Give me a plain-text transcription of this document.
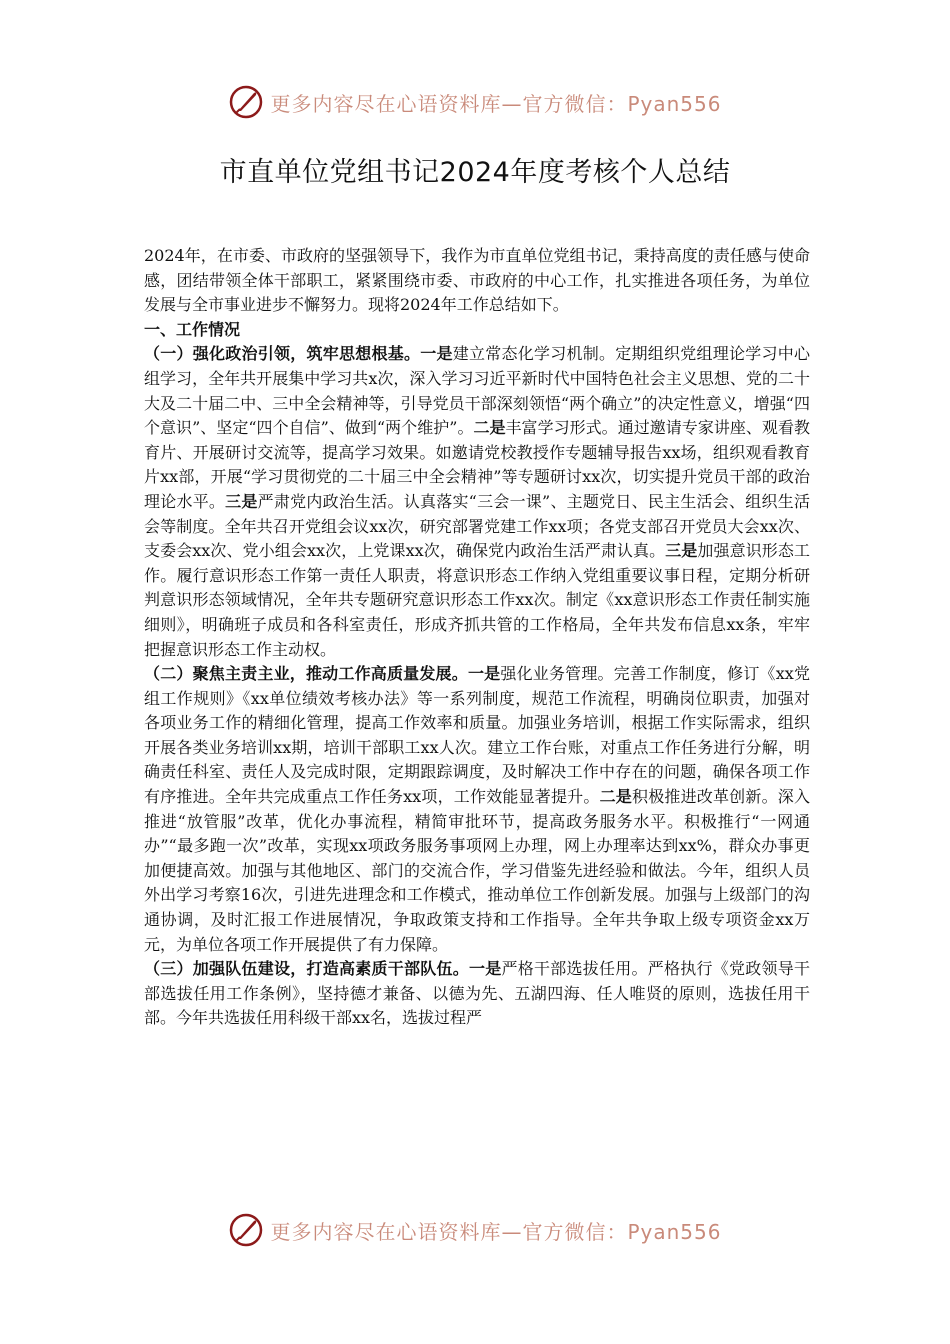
更多内容尽在心语资料库—官方微信：Pyan556
市直单位党组书记2024年度考核个人总结

2024年，在市委、市政府的坚强领导下，我作为市直单位党组书记，秉持高度的责任感与使命感，团结带领全体干部职工，紧紧围绕市委、市政府的中心工作，扎实推进各项任务，为单位发展与全市事业进步不懈努力。现将2024年工作总结如下。

一、工作情况

（一）强化政治引领，筑牢思想根基。一是建立常态化学习机制。定期组织党组理论学习中心组学习，全年共开展集中学习共x次，深入学习习近平新时代中国特色社会主义思想、党的二十大及二十届二中、三中全会精神等，引导党员干部深刻领悟“两个确立”的决定性意义，增强“四个意识”、坚定“四个自信”、做到“两个维护”。二是丰富学习形式。通过邀请专家讲座、观看教育片、开展研讨交流等，提高学习效果。如邀请党校教授作专题辅导报告xx场，组织观看教育片xx部，开展“学习贯彻党的二十届三中全会精神”等专题研讨xx次，切实提升党员干部的政治理论水平。三是严肃党内政治生活。认真落实“三会一课”、主题党日、民主生活会、组织生活会等制度。全年共召开党组会议xx次，研究部署党建工作xx项；各党支部召开党员大会xx次、支委会xx次、党小组会xx次，上党课xx次，确保党内政治生活严肃认真。三是加强意识形态工作。履行意识形态工作第一责任人职责，将意识形态工作纳入党组重要议事日程，定期分析研判意识形态领域情况，全年共专题研究意识形态工作xx次。制定《xx意识形态工作责任制实施细则》，明确班子成员和各科室责任，形成齐抓共管的工作格局，全年共发布信息xx条，牢牢把握意识形态工作主动权。

（二）聚焦主责主业，推动工作高质量发展。一是强化业务管理。完善工作制度，修订《xx党组工作规则》《xx单位绩效考核办法》等一系列制度，规范工作流程，明确岗位职责，加强对各项业务工作的精细化管理，提高工作效率和质量。加强业务培训，根据工作实际需求，组织开展各类业务培训xx期，培训干部职工xx人次。建立工作台账，对重点工作任务进行分解，明确责任科室、责任人及完成时限，定期跟踪调度，及时解决工作中存在的问题，确保各项工作有序推进。全年共完成重点工作任务xx项，工作效能显著提升。二是积极推进改革创新。深入推进“放管服”改革，优化办事流程，精简审批环节，提高政务服务水平。积极推行“一网通办”“最多跑一次”改革，实现xx项政务服务事项网上办理，网上办理率达到xx%，群众办事更加便捷高效。加强与其他地区、部门的交流合作，学习借鉴先进经验和做法。今年，组织人员外出学习考察16次，引进先进理念和工作模式，推动单位工作创新发展。加强与上级部门的沟通协调，及时汇报工作进展情况，争取政策支持和工作指导。全年共争取上级专项资金xx万元，为单位各项工作开展提供了有力保障。

（三）加强队伍建设，打造高素质干部队伍。一是严格干部选拔任用。严格执行《党政领导干部选拔任用工作条例》，坚持德才兼备、以德为先、五湖四海、任人唯贤的原则，选拔任用干部。今年共选拔任用科级干部xx名，选拔过程严

更多内容尽在心语资料库—官方微信：Pyan556
